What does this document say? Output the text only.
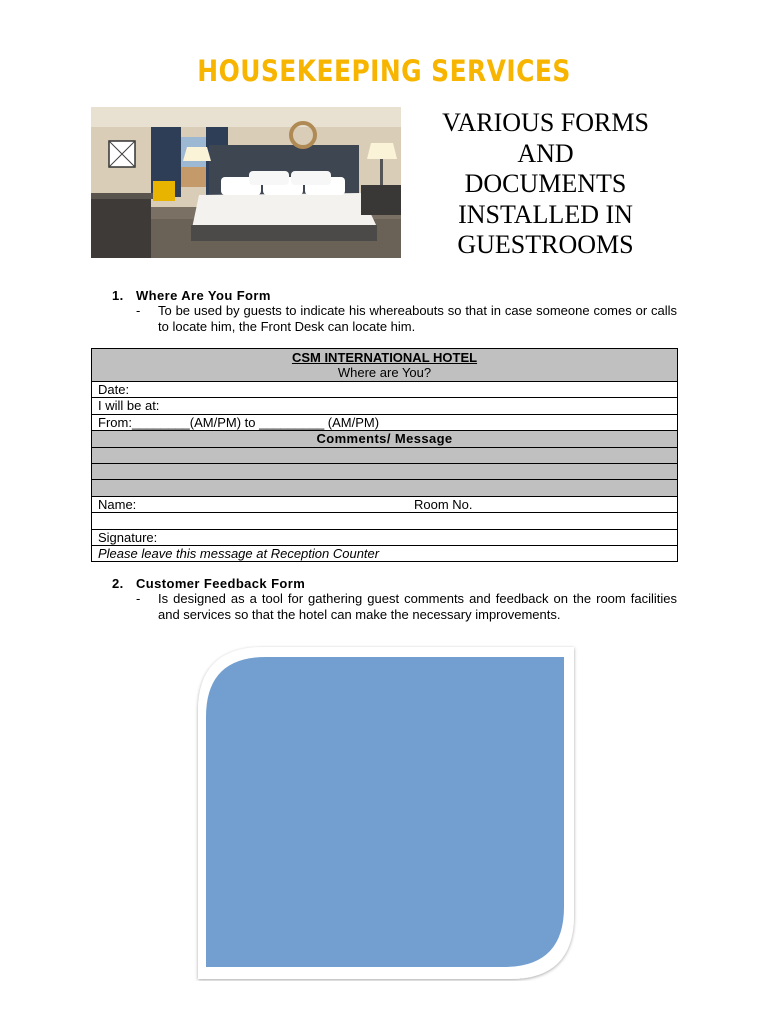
HOUSEKEEPING SERVICES
VARIOUS FORMS
AND
DOCUMENTS
INSTALLED IN
GUESTROOMS
1. Where Are You Form
- To be used by guests to indicate his whereabouts so that in case someone comes or calls to locate him, the Front Desk can locate him.
CSM INTERNATIONAL HOTEL
Where are You?
Date:
I will be at:
From:________(AM/PM) to _________ (AM/PM)
Comments/ Message
Name:	Room No.
Signature:
Please leave this message at Reception Counter
2. Customer Feedback Form
- Is designed as a tool for gathering guest comments and feedback on the room facilities and services so that the hotel can make the necessary improvements.
